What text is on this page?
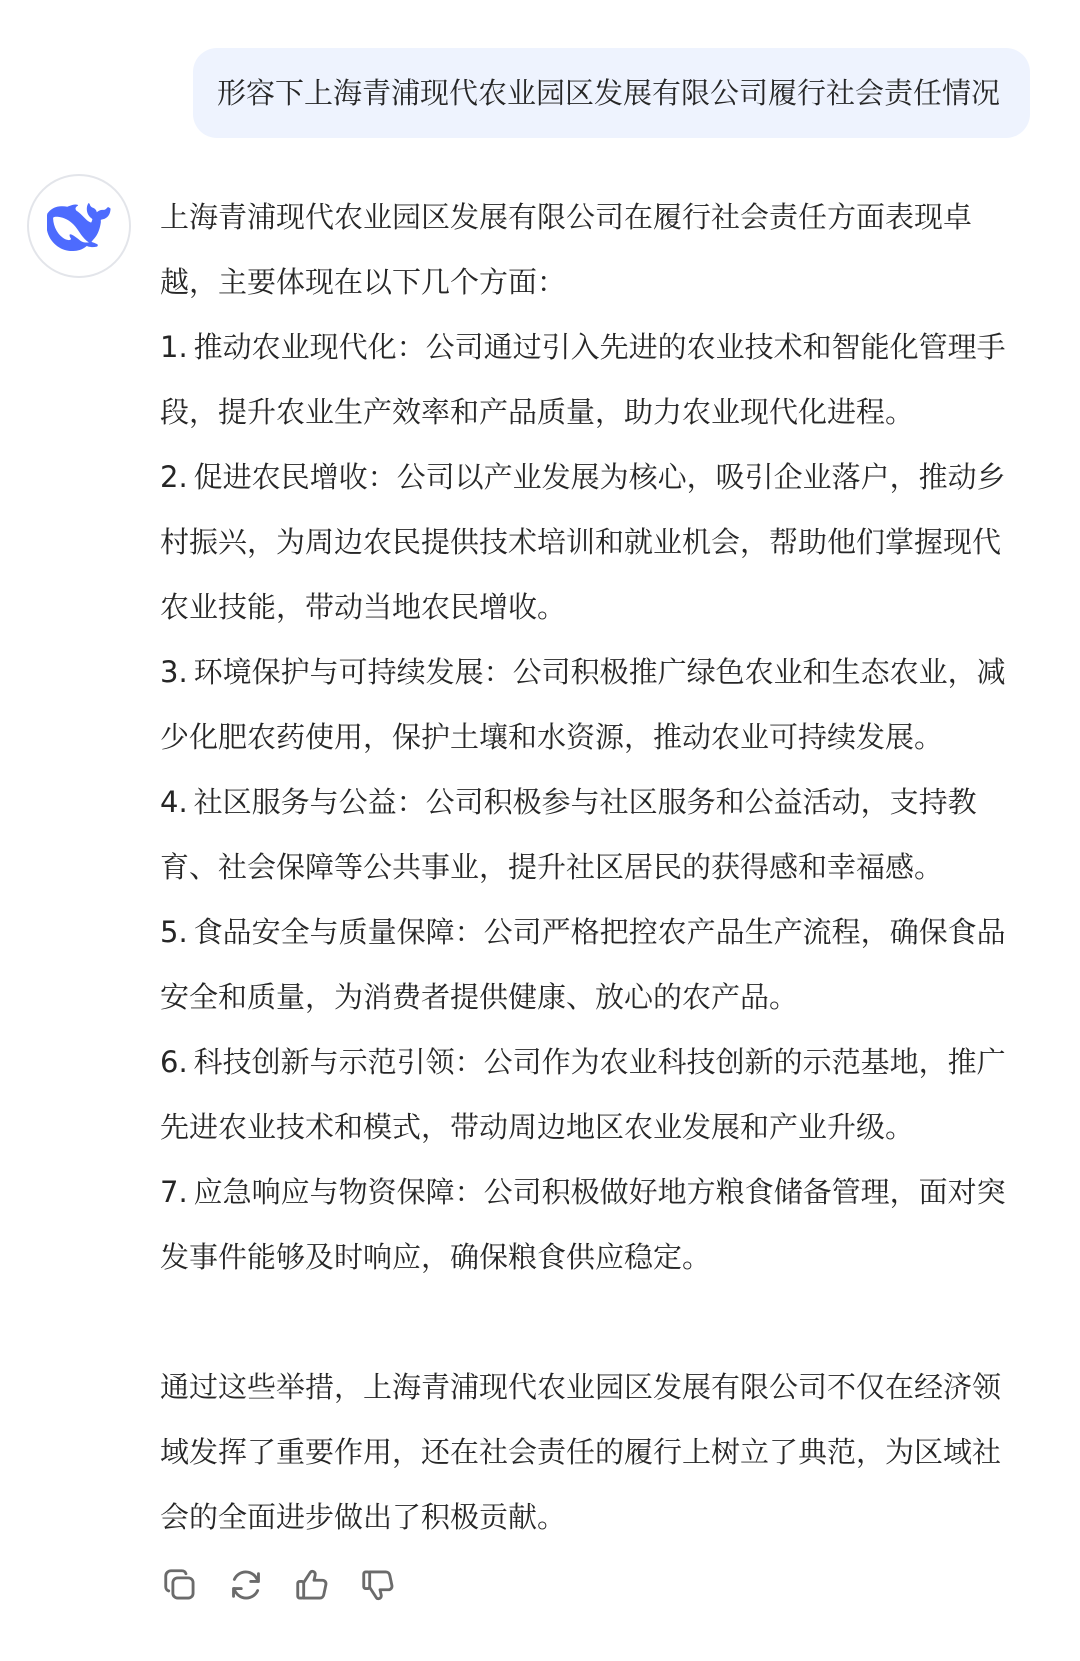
形容下上海青浦现代农业园区发展有限公司履行社会责任情况

上海青浦现代农业园区发展有限公司在履行社会责任方面表现卓越，主要体现在以下几个方面：

1. 推动农业现代化：公司通过引入先进的农业技术和智能化管理手段，提升农业生产效率和产品质量，助力农业现代化进程。

2. 促进农民增收：公司以产业发展为核心，吸引企业落户，推动乡村振兴，为周边农民提供技术培训和就业机会，帮助他们掌握现代农业技能，带动当地农民增收。

3. 环境保护与可持续发展：公司积极推广绿色农业和生态农业，减少化肥农药使用，保护土壤和水资源，推动农业可持续发展。

4. 社区服务与公益：公司积极参与社区服务和公益活动，支持教育、社会保障等公共事业，提升社区居民的获得感和幸福感。

5. 食品安全与质量保障：公司严格把控农产品生产流程，确保食品安全和质量，为消费者提供健康、放心的农产品。

6. 科技创新与示范引领：公司作为农业科技创新的示范基地，推广先进农业技术和模式，带动周边地区农业发展和产业升级。

7. 应急响应与物资保障：公司积极做好地方粮食储备管理，面对突发事件能够及时响应，确保粮食供应稳定。

通过这些举措，上海青浦现代农业园区发展有限公司不仅在经济领域发挥了重要作用，还在社会责任的履行上树立了典范，为区域社会的全面进步做出了积极贡献。
